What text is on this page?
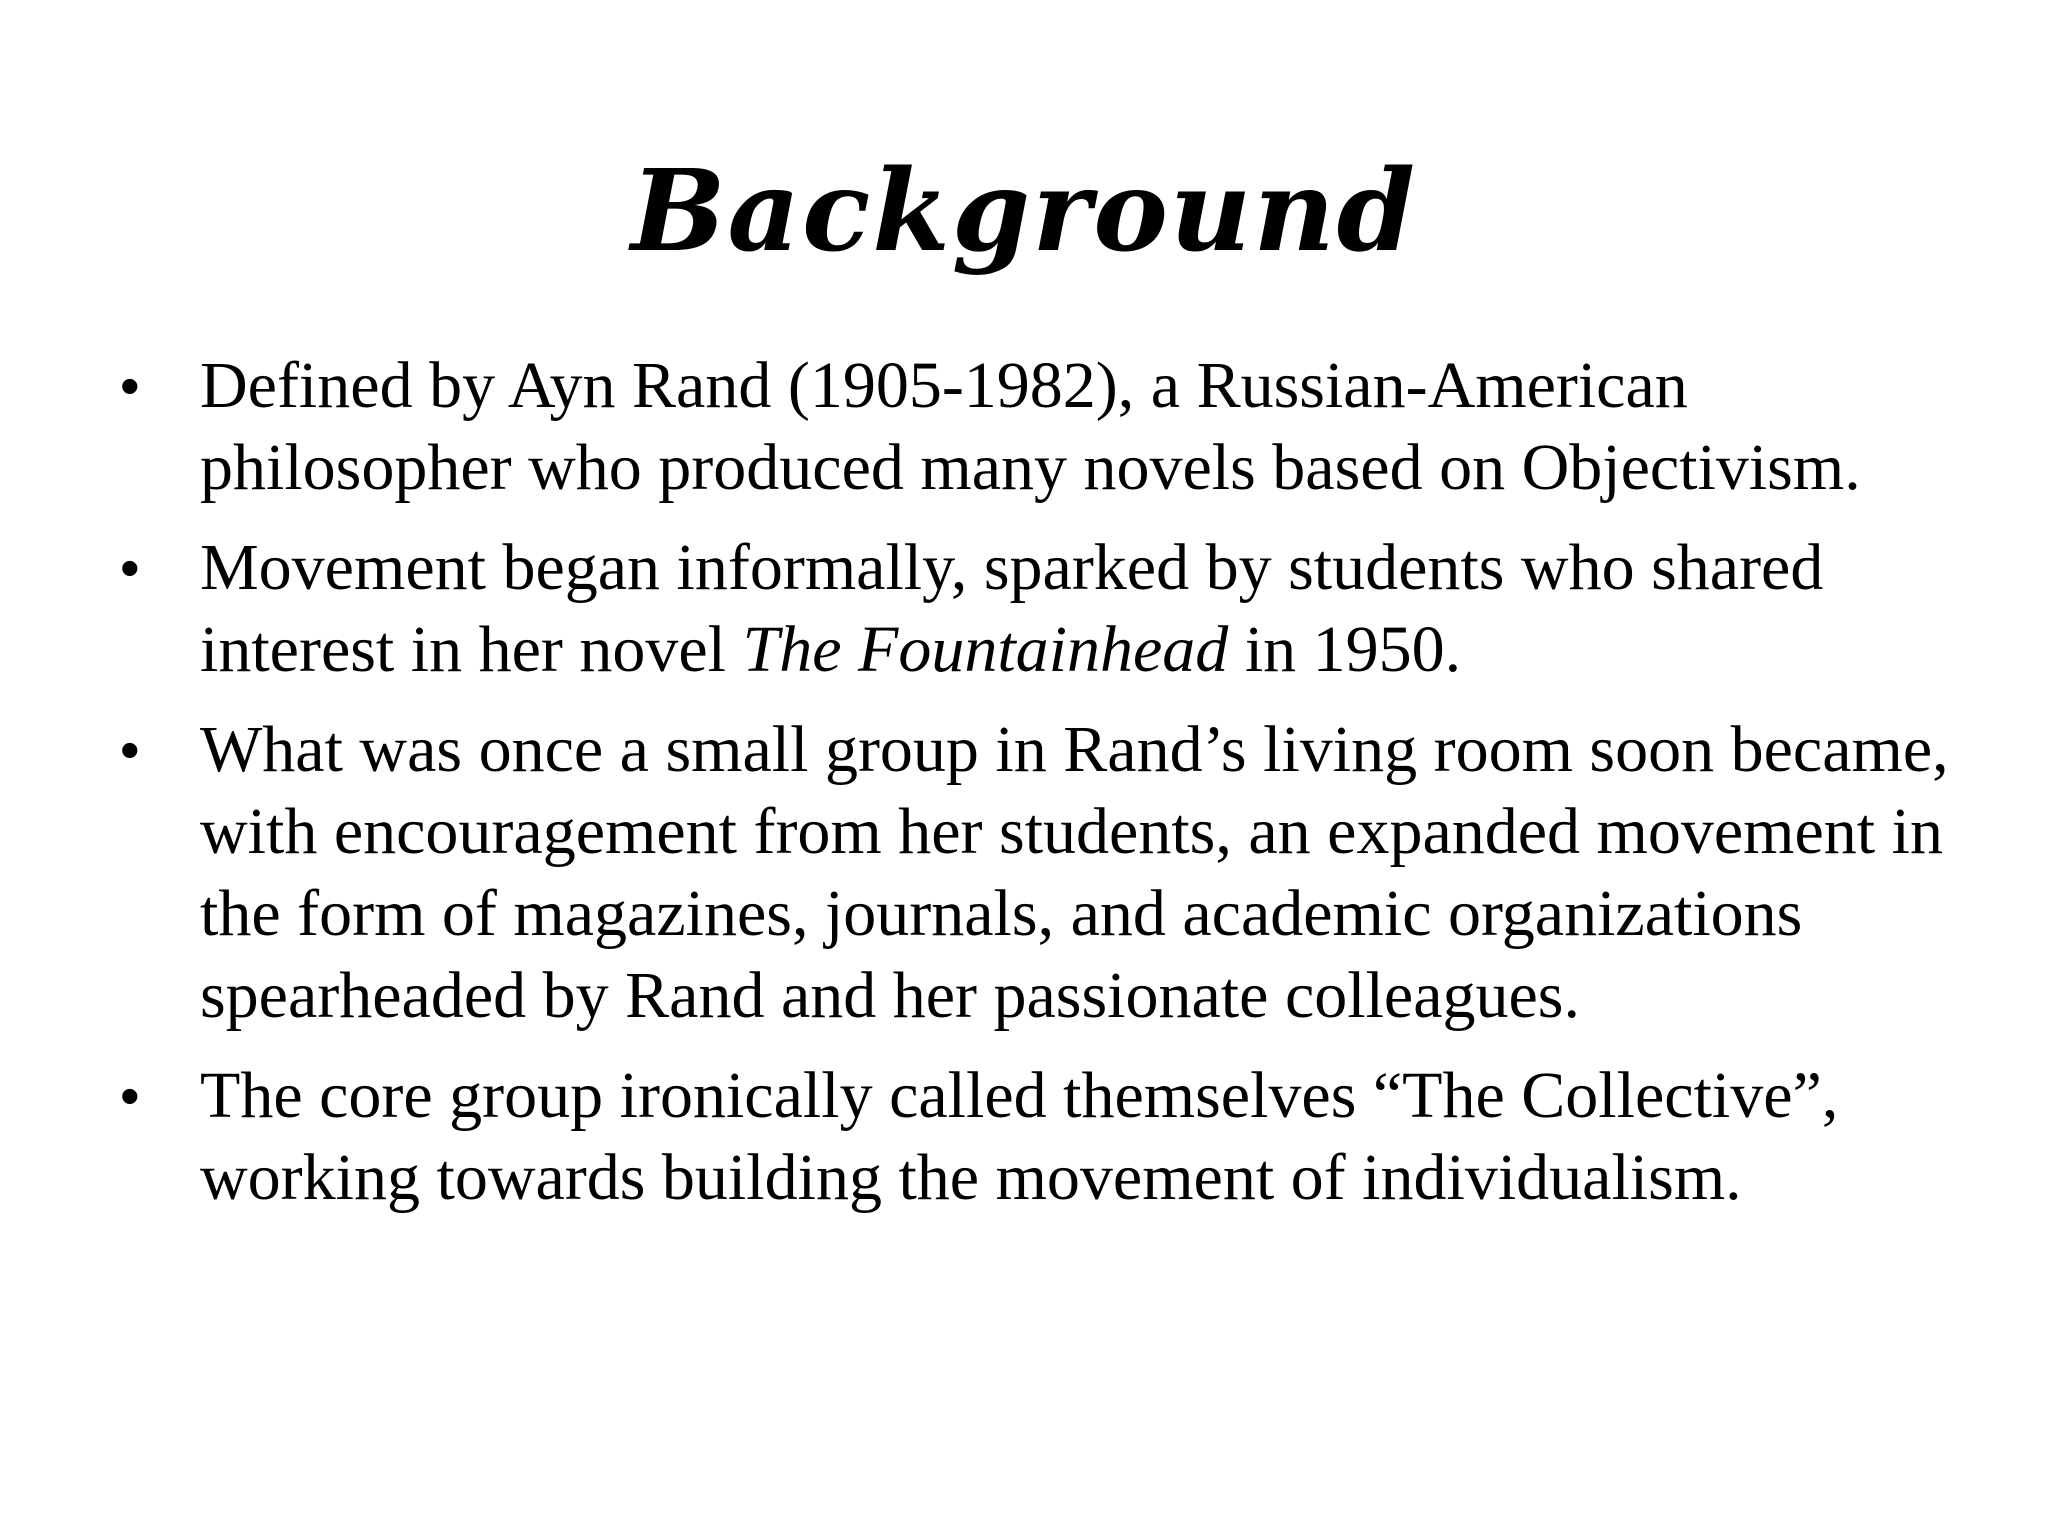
Background
• Defined by Ayn Rand (1905-1982), a Russian-American philosopher who produced many novels based on Objectivism.
• Movement began informally, sparked by students who shared interest in her novel The Fountainhead in 1950.
• What was once a small group in Rand’s living room soon became, with encouragement from her students, an expanded movement in the form of magazines, journals, and academic organizations spearheaded by Rand and her passionate colleagues.
• The core group ironically called themselves “The Collective”, working towards building the movement of individualism.
